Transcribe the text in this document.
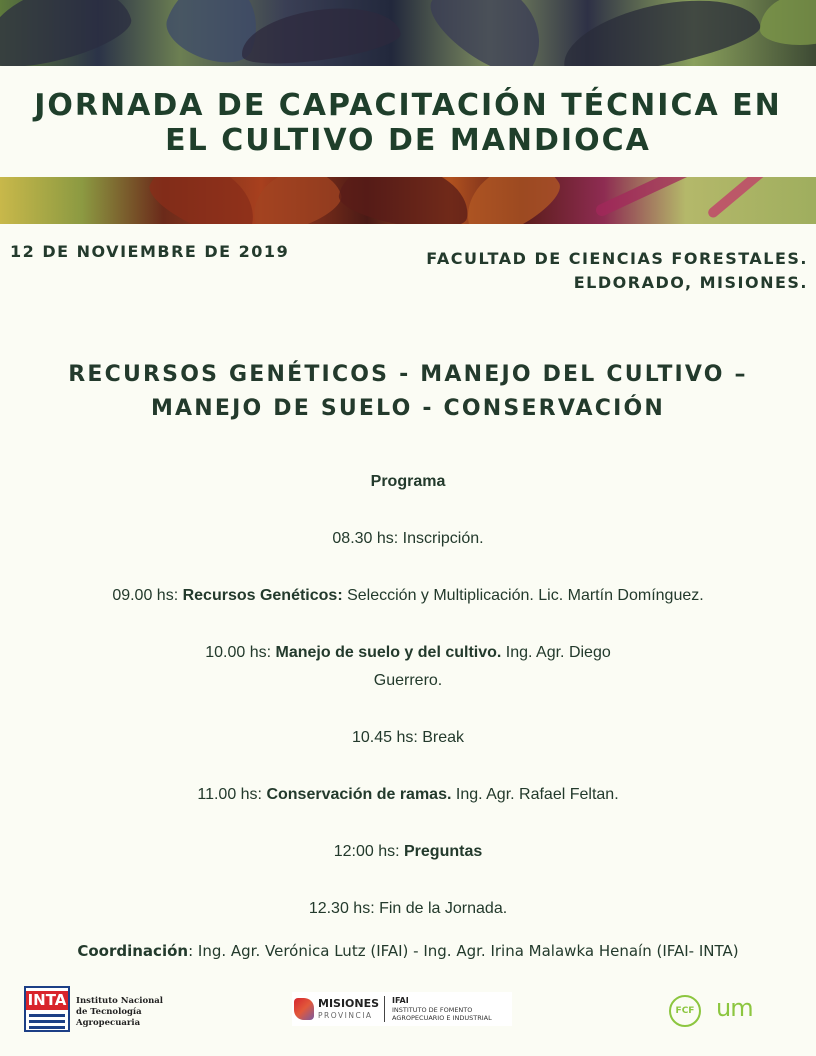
JORNADA DE CAPACITACIÓN TÉCNICA EN
EL CULTIVO DE MANDIOCA
12 DE NOVIEMBRE DE 2019	FACULTAD DE CIENCIAS FORESTALES.
ELDORADO, MISIONES.
RECURSOS GENÉTICOS - MANEJO DEL CULTIVO –
MANEJO DE SUELO - CONSERVACIÓN

Programa

08.30 hs: Inscripción.

09.00 hs: Recursos Genéticos: Selección y Multiplicación. Lic. Martín Domínguez.

10.00 hs: Manejo de suelo y del cultivo. Ing. Agr. Diego

Guerrero.

10.45 hs: Break

11.00 hs: Conservación de ramas. Ing. Agr. Rafael Feltan.

12:00 hs: Preguntas

12.30 hs: Fin de la Jornada.

Coordinación: Ing. Agr. Verónica Lutz (IFAI) - Ing. Agr. Irina Malawka Henaín (IFAI- INTA)
INTA Instituto Nacional
de Tecnología Agropecuaria
MISIONES
PROVINCIA
IFAI
INSTITUTO DE FOMENTO AGROPECUARIO E INDUSTRIAL
FCF um
